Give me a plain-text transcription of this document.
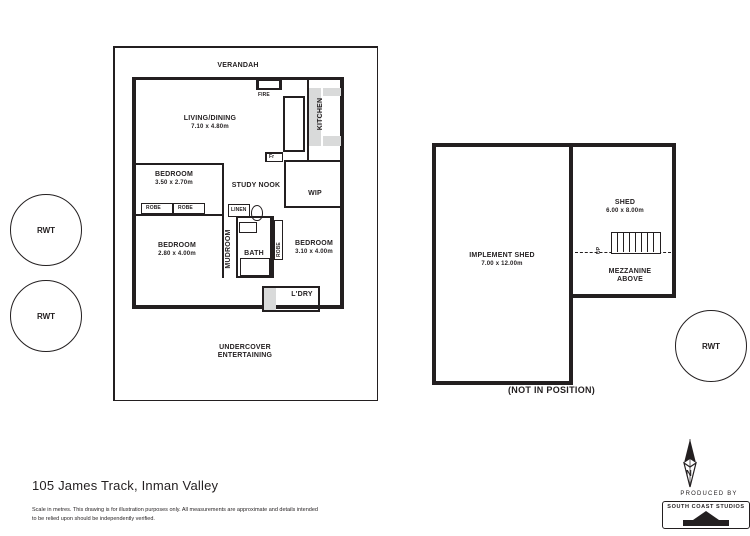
VERANDAH
LIVING/DINING
7.10 x 4.80m
FIRE
KITCHEN
Fr
BEDROOM
3.50 x 2.70m
ROBE	ROBE
STUDY NOOK
WIP
LINEN
BATH
MUDROOM
BEDROOM
2.80 x 4.00m
BEDROOM
3.10 x 4.00m
ROBE
L'DRY
UNDERCOVER ENTERTAINING
IMPLEMENT SHED
7.00 x 12.00m
SHED
6.00 x 8.00m
MEZZANINE ABOVE
UP
(NOT IN POSITION)
RWT
RWT
RWT
105 James Track, Inman Valley
Scale in metres. This drawing is for illustration purposes only. All measurements are approximate and details intended to be relied upon should be independently verified.
N
PRODUCED BY
SOUTH COAST STUDIOS
